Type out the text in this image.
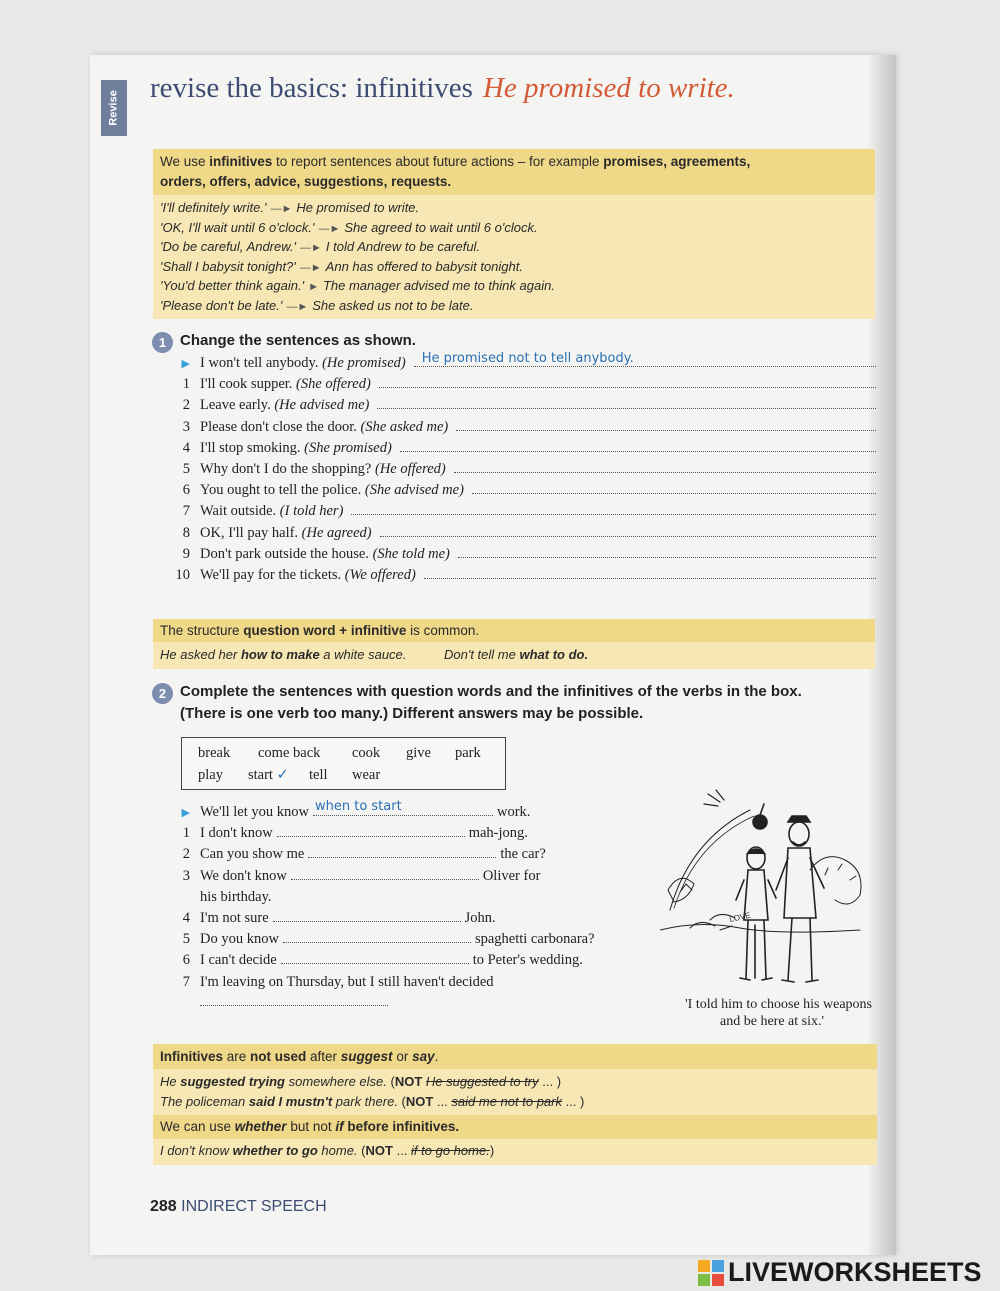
Revise
revise the basics: infinitives He promised to write.
We use infinitives to report sentences about future actions – for example promises, agreements,
orders, offers, advice, suggestions, requests.
'I'll definitely write.' —► He promised to write.
'OK, I'll wait until 6 o'clock.' —► She agreed to wait until 6 o'clock.
'Do be careful, Andrew.' —► I told Andrew to be careful.
'Shall I babysit tonight?' —► Ann has offered to babysit tonight.
'You'd better think again.' ► The manager advised me to think again.
'Please don't be late.' —► She asked us not to be late.
1 Change the sentences as shown.
▶ I won't tell anybody.
(He promised) He promised not to tell anybody.
1 I'll cook supper.
(She offered)
2 Leave early.
(He advised me)
3 Please don't close the door.
(She asked me)
4 I'll stop smoking.
(She promised)
5 Why don't I do the shopping?
(He offered)
6 You ought to tell the police.
(She advised me)
7 Wait outside.
(I told her)
8 OK, I'll pay half.
(He agreed)
9 Don't park outside the house.
(She told me)
10 We'll pay for the tickets.
(We offered)
The structure question word + infinitive is common.
He asked her how to make a white sauce.	Don't tell me what to do.
2 Complete the sentences with question words and the infinitives of the verbs in the box.
(There is one verb too many.) Different answers may be possible.
break come back cook give park
play start ✓ tell wear
▶ We'll let you know when to start	work.
1 I don't know	mah-jong.
2 Can you show me	the car?
3 We don't know	Oliver for
his birthday.
4 I'm not sure	John.
5 Do you know	spaghetti carbonara?
6 I can't decide	to Peter's wedding.
7 I'm leaving on Thursday, but I still haven't decided
LOVE
'I told him to choose his weapons
and be here at six.'
Infinitives are not used after suggest or say.
He suggested trying somewhere else. (NOT He suggested to try ... )
The policeman said I mustn't park there. (NOT ... said me not to park ... )
We can use whether but not if before infinitives.
I don't know whether to go home. (NOT ... if to go home.)
288 INDIRECT SPEECH
LIVEWORKSHEETS
